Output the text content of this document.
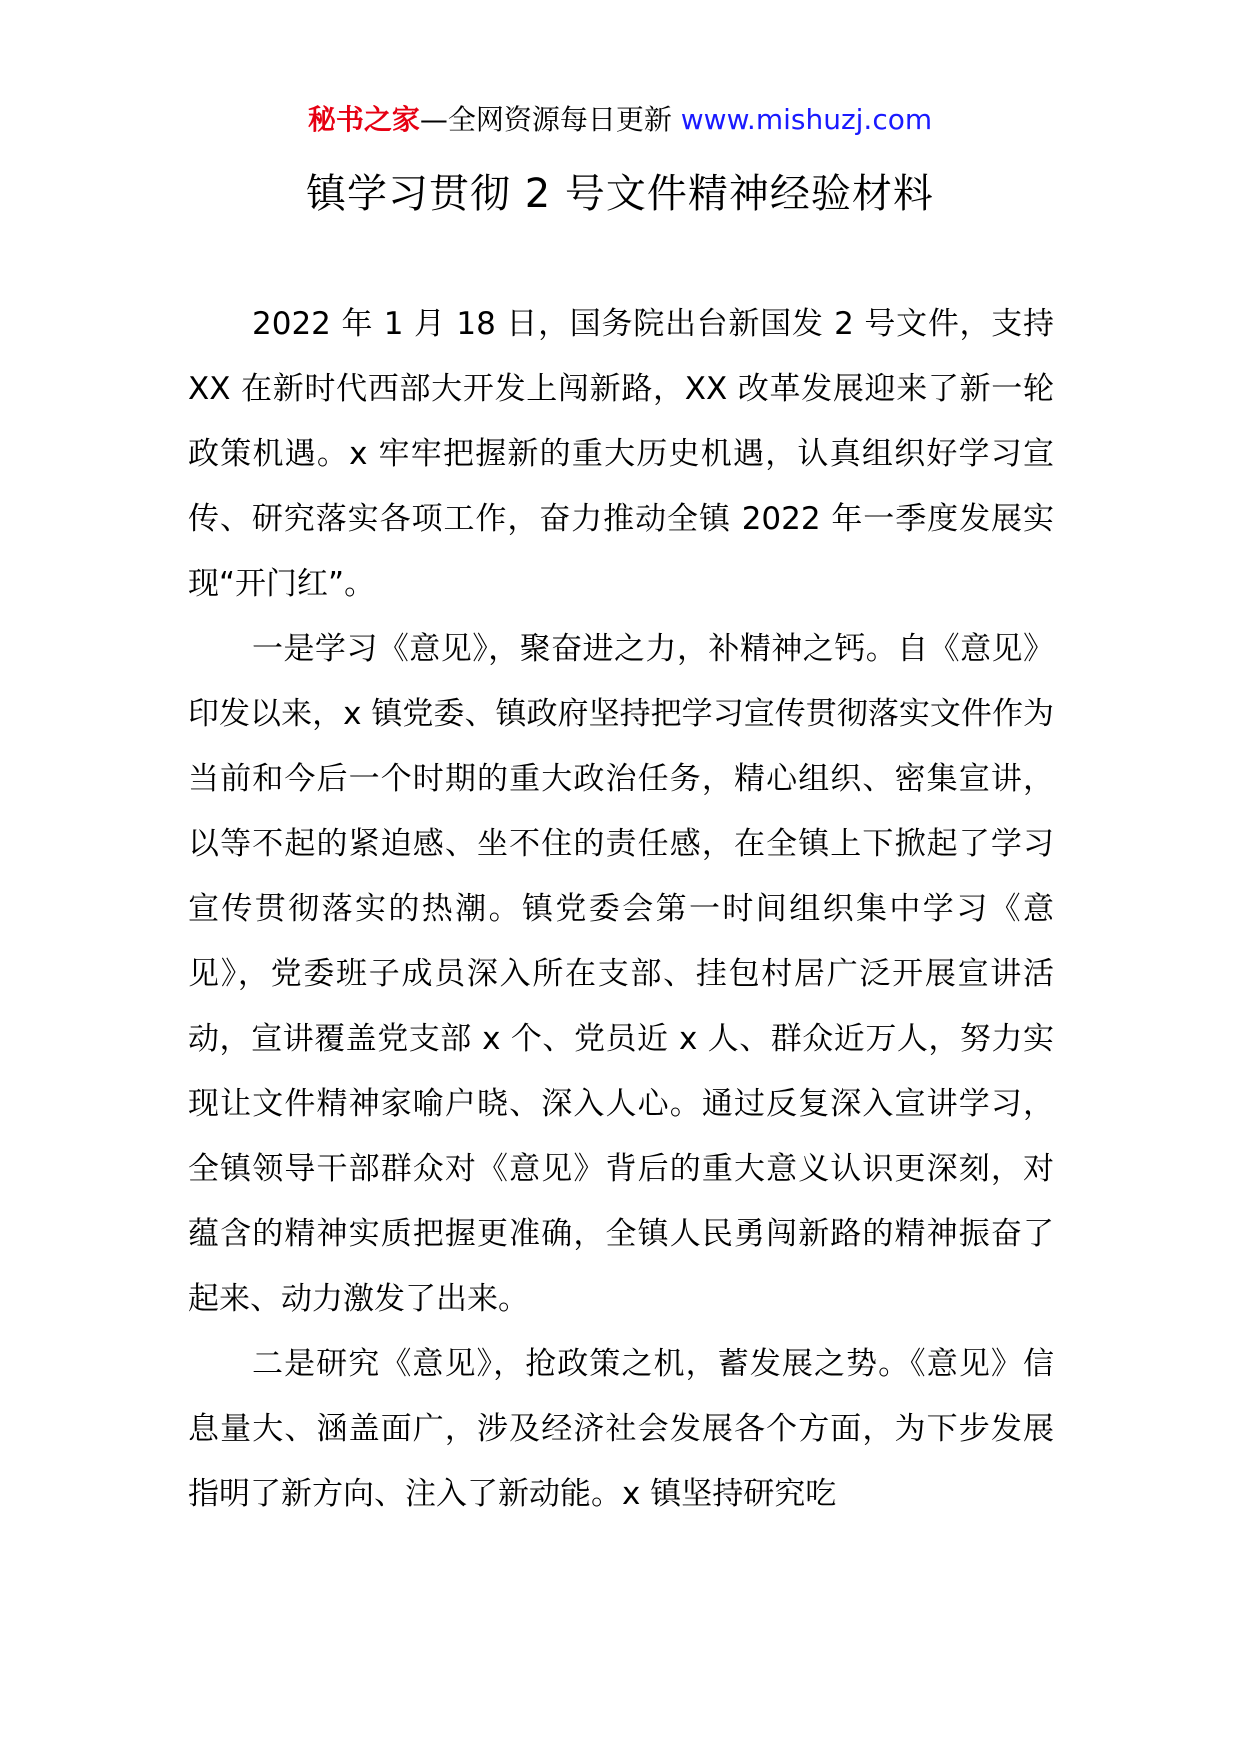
秘书之家—全网资源每日更新 www.mishuzj.com
镇学习贯彻 2 号文件精神经验材料

2022 年 1 月 18 日，国务院出台新国发 2 号文件，支持 XX 在新时代西部大开发上闯新路，XX 改革发展迎来了新一轮政策机遇。x 牢牢把握新的重大历史机遇，认真组织好学习宣传、研究落实各项工作，奋力推动全镇 2022 年一季度发展实现“开门红”。

一是学习《意见》，聚奋进之力，补精神之钙。自《意见》印发以来，x 镇党委、镇政府坚持把学习宣传贯彻落实文件作为当前和今后一个时期的重大政治任务，精心组织、密集宣讲，以等不起的紧迫感、坐不住的责任感，在全镇上下掀起了学习宣传贯彻落实的热潮。镇党委会第一时间组织集中学习《意见》，党委班子成员深入所在支部、挂包村居广泛开展宣讲活动，宣讲覆盖党支部 x 个、党员近 x 人、群众近万人，努力实现让文件精神家喻户晓、深入人心。通过反复深入宣讲学习，全镇领导干部群众对《意见》背后的重大意义认识更深刻，对蕴含的精神实质把握更准确，全镇人民勇闯新路的精神振奋了起来、动力激发了出来。

二是研究《意见》，抢政策之机，蓄发展之势。《意见》信息量大、涵盖面广，涉及经济社会发展各个方面，为下步发展指明了新方向、注入了新动能。x 镇坚持研究吃
